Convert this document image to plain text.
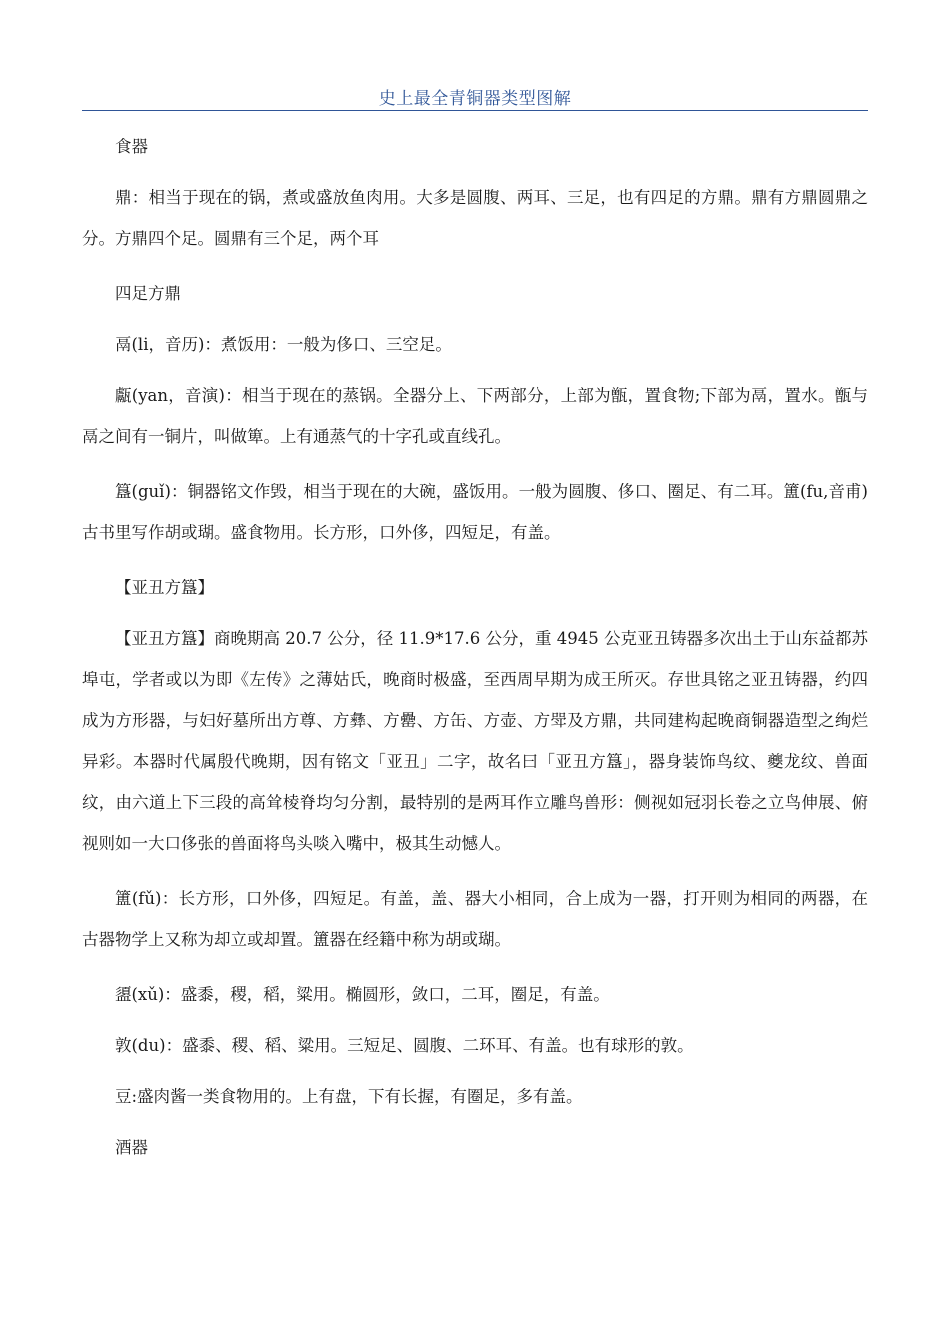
史上最全青铜器类型图解

食器

鼎：相当于现在的锅，煮或盛放鱼肉用。大多是圆腹、两耳、三足，也有四足的方鼎。鼎有方鼎圆鼎之分。方鼎四个足。圆鼎有三个足，两个耳

四足方鼎

鬲(li，音历)：煮饭用：一般为侈口、三空足。

甗(yan，音演)：相当于现在的蒸锅。全器分上、下两部分，上部为甑，置食物;下部为鬲，置水。甑与鬲之间有一铜片，叫做箄。上有通蒸气的十字孔或直线孔。

簋(guǐ)：铜器铭文作毁，相当于现在的大碗，盛饭用。一般为圆腹、侈口、圈足、有二耳。簠(fu,音甫)古书里写作胡或瑚。盛食物用。长方形，口外侈，四短足，有盖。

【亚丑方簋】

【亚丑方簋】商晚期高 20.7 公分，径 11.9*17.6 公分，重 4945 公克亚丑铸器多次出土于山东益都苏埠屯，学者或以为即《左传》之薄姑氏，晚商时极盛，至西周早期为成王所灭。存世具铭之亚丑铸器，约四成为方形器，与妇好墓所出方尊、方彝、方罍、方缶、方壶、方斝及方鼎，共同建构起晚商铜器造型之绚烂异彩。本器时代属殷代晚期，因有铭文「亚丑」二字，故名曰「亚丑方簋」，器身装饰鸟纹、夔龙纹、兽面纹，由六道上下三段的高耸棱脊均匀分割，最特别的是两耳作立雕鸟兽形：侧视如冠羽长卷之立鸟伸展、俯视则如一大口侈张的兽面将鸟头啖入嘴中，极其生动憾人。

簠(fǔ)：长方形，口外侈，四短足。有盖，盖、器大小相同，合上成为一器，打开则为相同的两器，在古器物学上又称为却立或却置。簠器在经籍中称为胡或瑚。

盨(xǔ)：盛黍，稷，稻，粱用。椭圆形，敛口，二耳，圈足，有盖。

敦(du)：盛黍、稷、稻、粱用。三短足、圆腹、二环耳、有盖。也有球形的敦。

豆:盛肉酱一类食物用的。上有盘，下有长握，有圈足，多有盖。

酒器
